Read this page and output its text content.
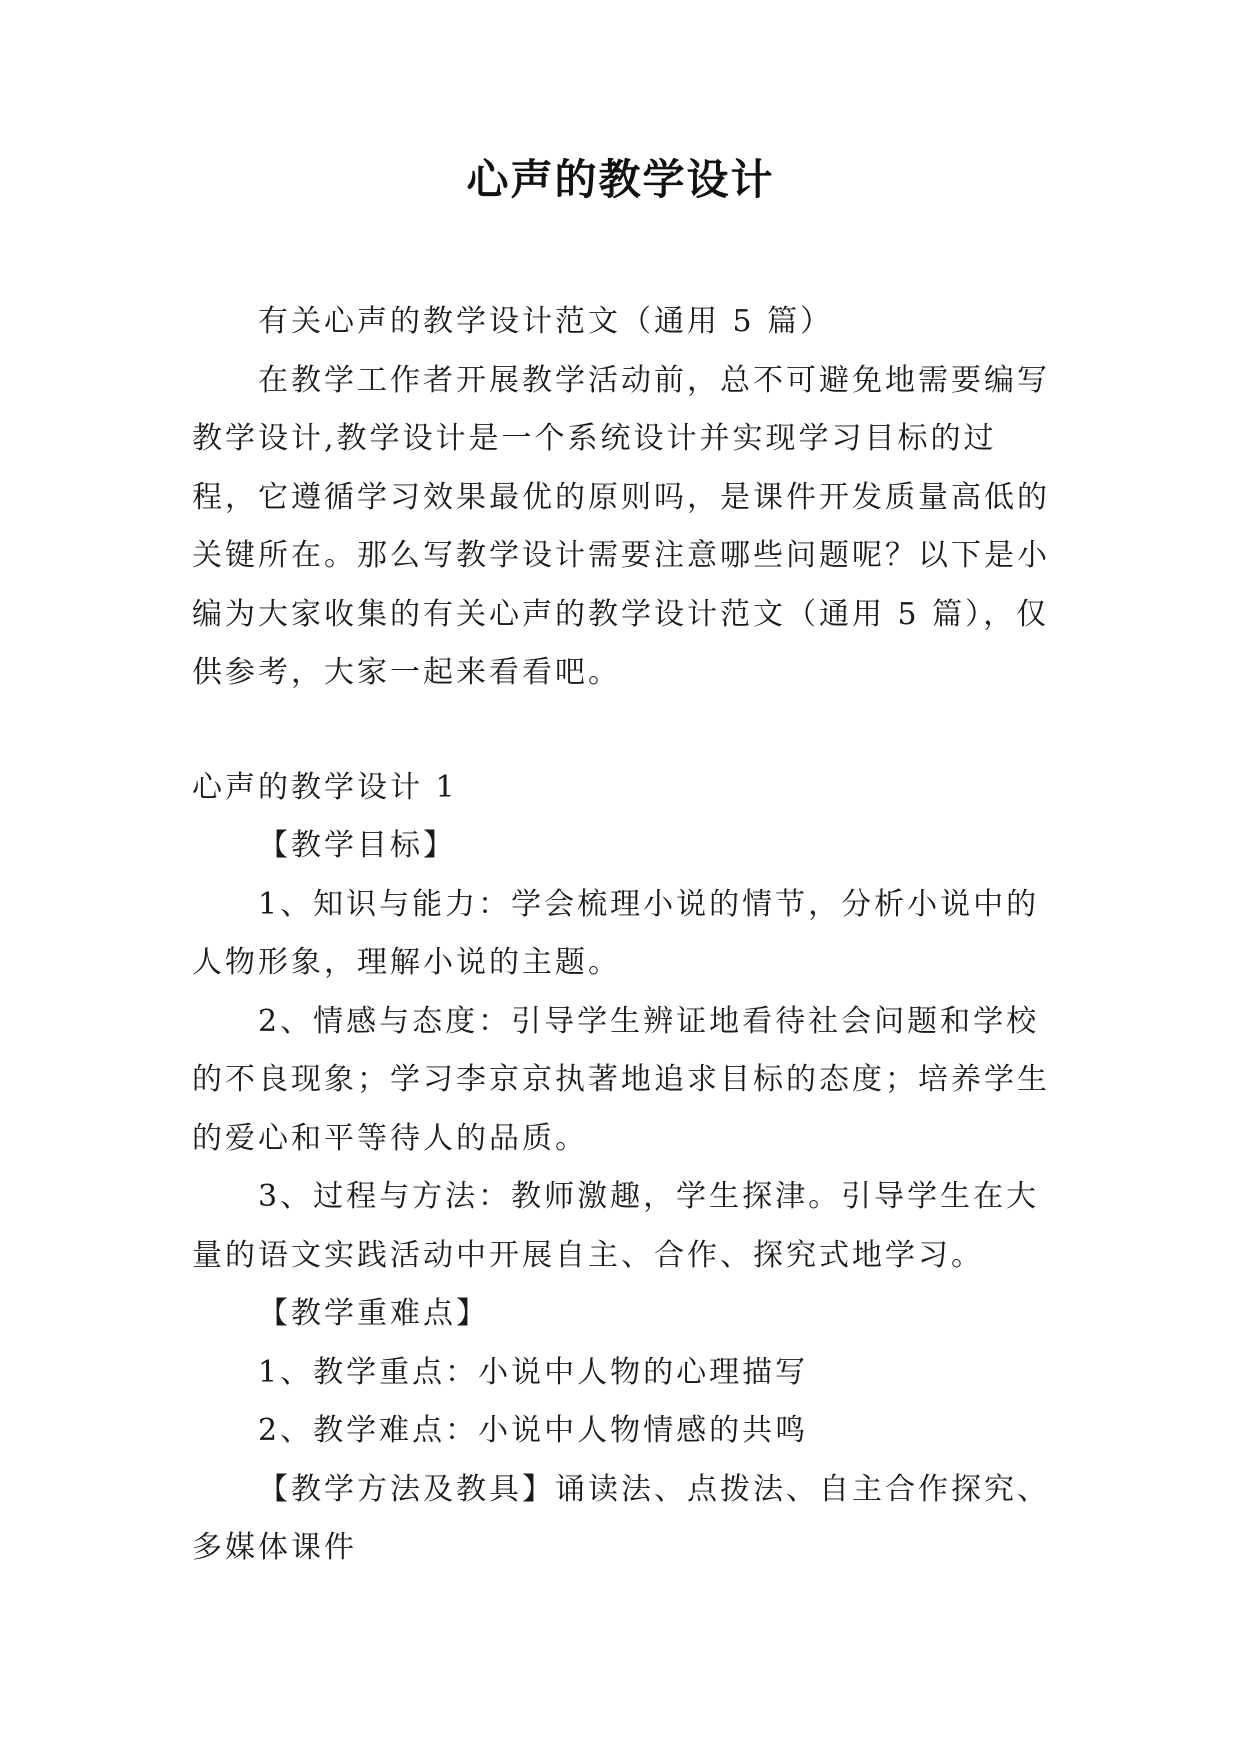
心声的教学设计

有关心声的教学设计范文（通用 5 篇）

在教学工作者开展教学活动前，总不可避免地需要编写教学设计,教学设计是一个系统设计并实现学习目标的过程，它遵循学习效果最优的原则吗，是课件开发质量高低的关键所在。那么写教学设计需要注意哪些问题呢？以下是小编为大家收集的有关心声的教学设计范文（通用 5 篇），仅供参考，大家一起来看看吧。

心声的教学设计 1

【教学目标】

1、知识与能力：学会梳理小说的情节，分析小说中的人物形象，理解小说的主题。

2、情感与态度：引导学生辨证地看待社会问题和学校的不良现象；学习李京京执著地追求目标的态度；培养学生的爱心和平等待人的品质。

3、过程与方法：教师激趣，学生探津。引导学生在大量的语文实践活动中开展自主、合作、探究式地学习。

【教学重难点】

1、教学重点：小说中人物的心理描写

2、教学难点：小说中人物情感的共鸣

【教学方法及教具】诵读法、点拨法、自主合作探究、多媒体课件
